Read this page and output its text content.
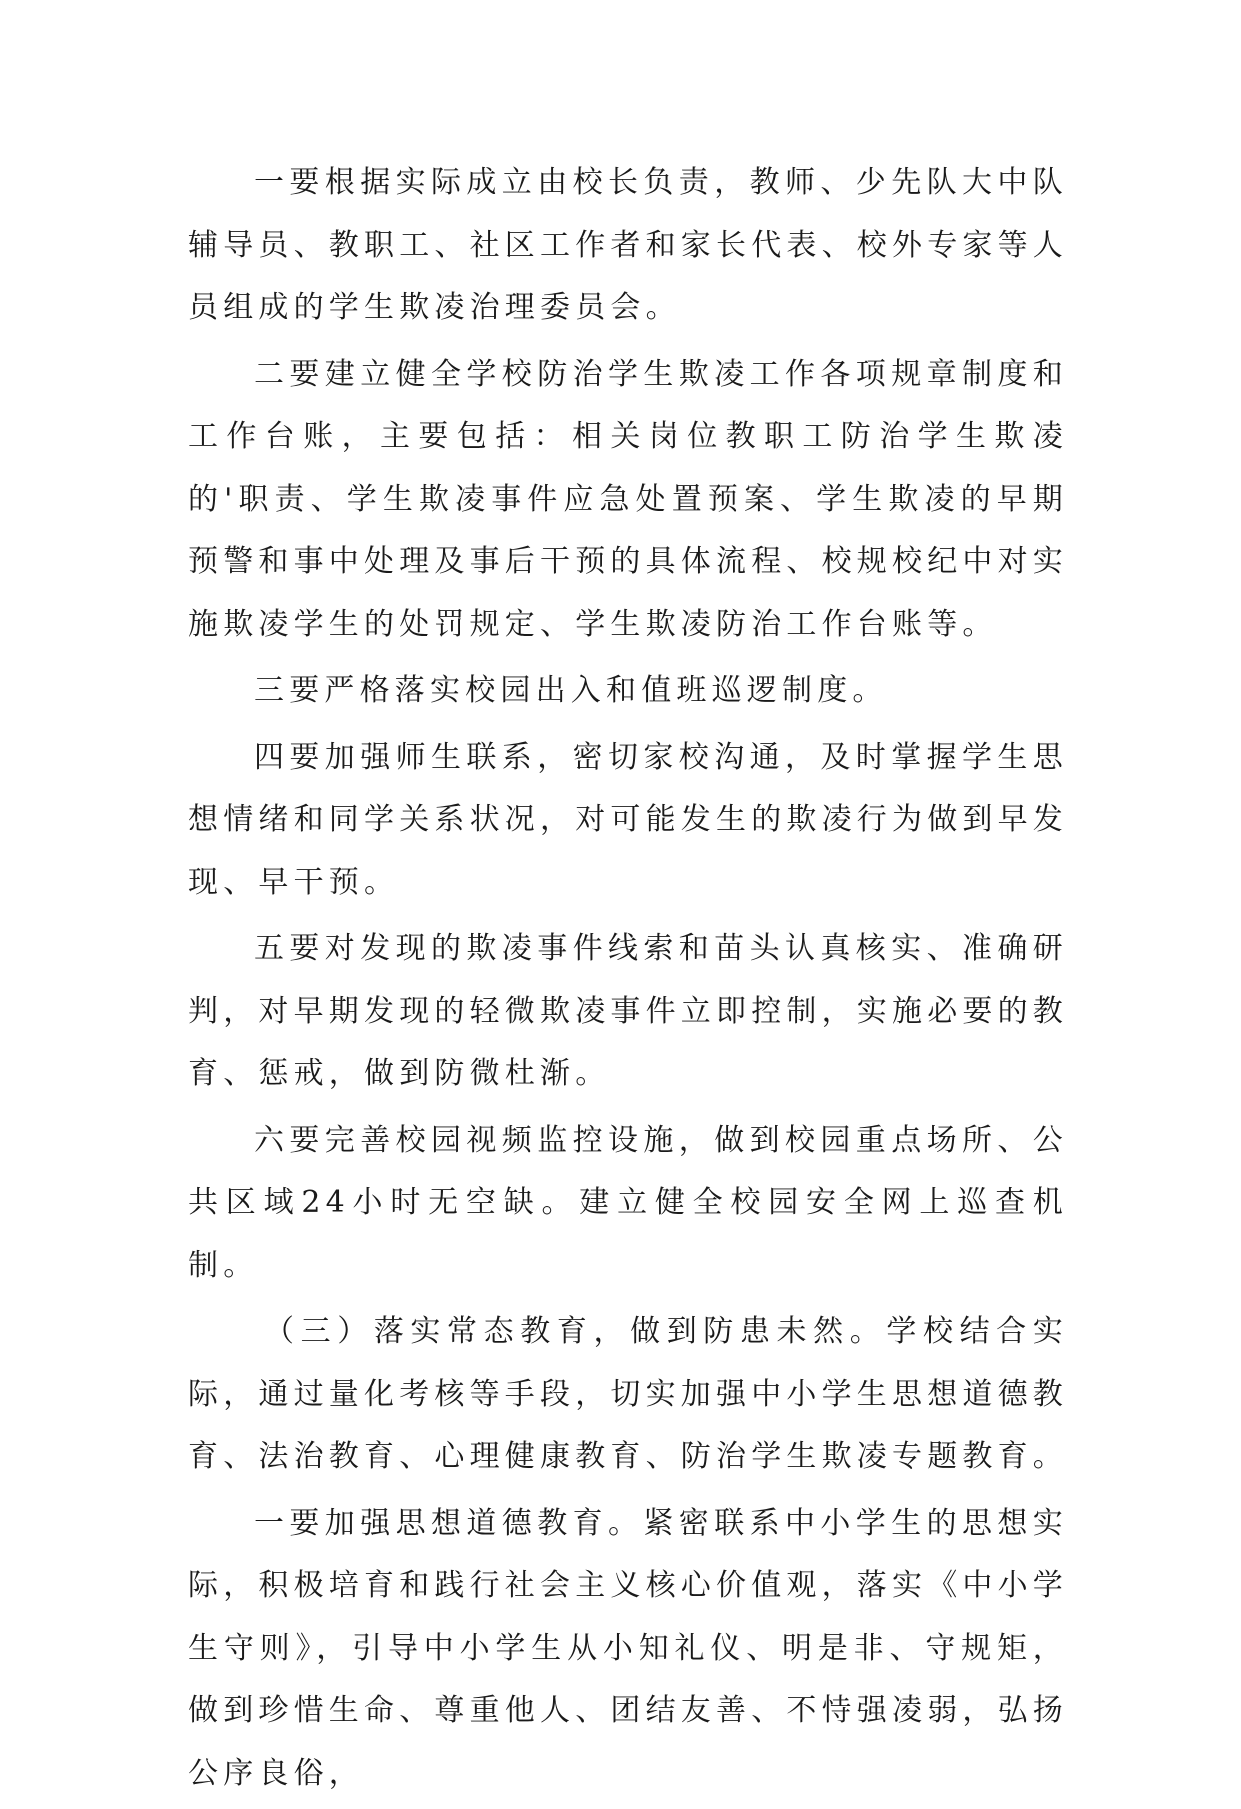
一要根据实际成立由校长负责，教师、少先队大中队辅导员、教职工、社区工作者和家长代表、校外专家等人员组成的学生欺凌治理委员会。

二要建立健全学校防治学生欺凌工作各项规章制度和工作台账，主要包括：相关岗位教职工防治学生欺凌的'职责、学生欺凌事件应急处置预案、学生欺凌的早期预警和事中处理及事后干预的具体流程、校规校纪中对实施欺凌学生的处罚规定、学生欺凌防治工作台账等。

三要严格落实校园出入和值班巡逻制度。

四要加强师生联系，密切家校沟通，及时掌握学生思想情绪和同学关系状况，对可能发生的欺凌行为做到早发现、早干预。

五要对发现的欺凌事件线索和苗头认真核实、准确研判，对早期发现的轻微欺凌事件立即控制，实施必要的教育、惩戒，做到防微杜渐。

六要完善校园视频监控设施，做到校园重点场所、公共区域24小时无空缺。建立健全校园安全网上巡查机制。

（三）落实常态教育，做到防患未然。学校结合实际，通过量化考核等手段，切实加强中小学生思想道德教育、法治教育、心理健康教育、防治学生欺凌专题教育。

一要加强思想道德教育。紧密联系中小学生的思想实际，积极培育和践行社会主义核心价值观，落实《中小学生守则》，引导中小学生从小知礼仪、明是非、守规矩，做到珍惜生命、尊重他人、团结友善、不恃强凌弱，弘扬公序良俗，
